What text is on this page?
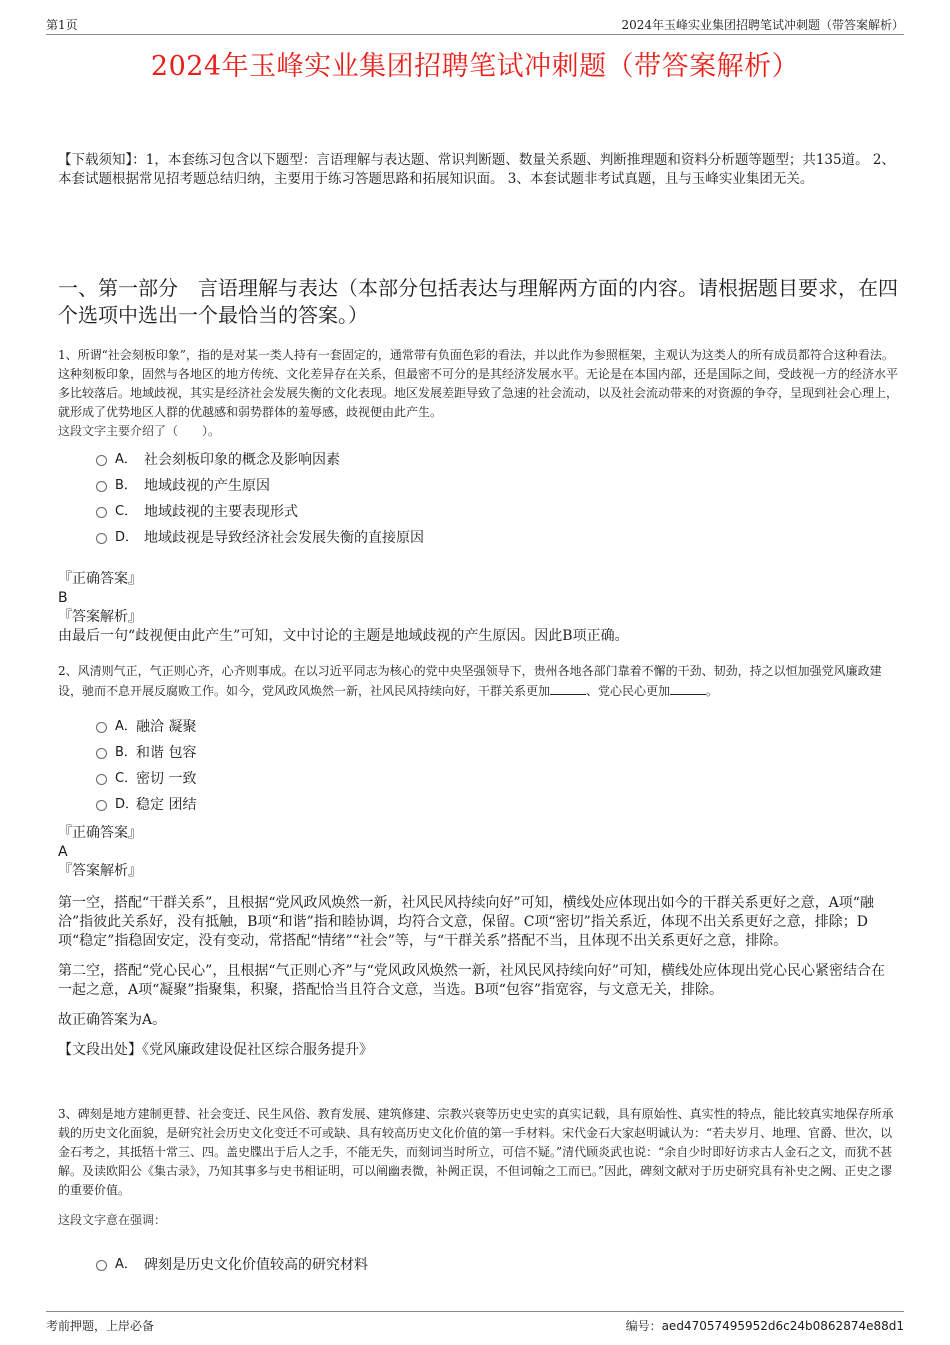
第1页	2024年玉峰实业集团招聘笔试冲刺题（带答案解析）
2024年玉峰实业集团招聘笔试冲刺题（带答案解析）
【下载须知】：1，本套练习包含以下题型：言语理解与表达题、常识判断题、数量关系题、判断推理题和资料分析题等题型；共135道。 2、本套试题根据常见招考题总结归纳，主要用于练习答题思路和拓展知识面。 3、本套试题非考试真题，且与玉峰实业集团无关。
一、第一部分　言语理解与表达（本部分包括表达与理解两方面的内容。请根据题目要求，在四个选项中选出一个最恰当的答案。）
1、所谓“社会刻板印象”，指的是对某一类人持有一套固定的，通常带有负面色彩的看法，并以此作为参照框架，主观认为这类人的所有成员都符合这种看法。这种刻板印象，固然与各地区的地方传统、文化差异存在关系，但最密不可分的是其经济发展水平。无论是在本国内部，还是国际之间，受歧视一方的经济水平多比较落后。地域歧视，其实是经济社会发展失衡的文化表现。地区发展差距导致了急速的社会流动，以及社会流动带来的对资源的争夺，呈现到社会心理上，就形成了优势地区人群的优越感和弱势群体的羞辱感，歧视便由此产生。
这段文字主要介绍了（　　）。
A． 社会刻板印象的概念及影响因素
B． 地域歧视的产生原因
C． 地域歧视的主要表现形式
D． 地域歧视是导致经济社会发展失衡的直接原因
『正确答案』
B
『答案解析』
由最后一句“歧视便由此产生”可知，文中讨论的主题是地域歧视的产生原因。因此B项正确。
2、风清则气正，气正则心齐，心齐则事成。在以习近平同志为核心的党中央坚强领导下，贵州各地各部门靠着不懈的干劲、韧劲，持之以恒加强党风廉政建设，驰而不息开展反腐败工作。如今，党风政风焕然一新，社风民风持续向好，干群关系更加	、党心民心更加	。
A． 融洽 凝聚
B． 和谐 包容
C．
密切 一致
D．
稳定 团结
『正确答案』
A
『答案解析』
第一空，搭配“干群关系”，且根据“党风政风焕然一新，社风民风持续向好”可知，横线处应体现出如今的干群关系更好之意，A项“融洽”指彼此关系好，没有抵触，B项“和谐”指和睦协调，均符合文意，保留。C项“密切”指关系近，体现不出关系更好之意，排除；D项“稳定”指稳固安定，没有变动，常搭配“情绪”“社会”等，与“干群关系”搭配不当，且体现不出关系更好之意，排除。
第二空，搭配“党心民心”，且根据“气正则心齐”与“党风政风焕然一新，社风民风持续向好”可知，横线处应体现出党心民心紧密结合在一起之意，A项“凝聚”指聚集，积聚，搭配恰当且符合文意，当选。B项“包容”指宽容，与文意无关，排除。
故正确答案为A。
【文段出处】《党风廉政建设促社区综合服务提升》
3、碑刻是地方建制更替、社会变迁、民生风俗、教育发展、建筑修建、宗教兴衰等历史史实的真实记载，具有原始性、真实性的特点，能比较真实地保存所承载的历史文化面貌，是研究社会历史文化变迁不可或缺、具有较高历史文化价值的第一手材料。宋代金石大家赵明诚认为：“若夫岁月、地理、官爵、世次，以金石考之，其抵牾十常三、四。盖史牒出于后人之手，不能无失，而刻词当时所立，可信不疑。”清代顾炎武也说：“余自少时即好访求古人金石之文，而犹不甚解。及读欧阳公《集古录》，乃知其事多与史书相证明，可以阐幽表微，补阙正误，不但词翰之工而已。”因此，碑刻文献对于历史研究具有补史之阙、正史之谬的重要价值。
这段文字意在强调：
A． 碑刻是历史文化价值较高的研究材料
考前押题，上岸必备	编号：aed47057495952d6c24b0862874e88d1
